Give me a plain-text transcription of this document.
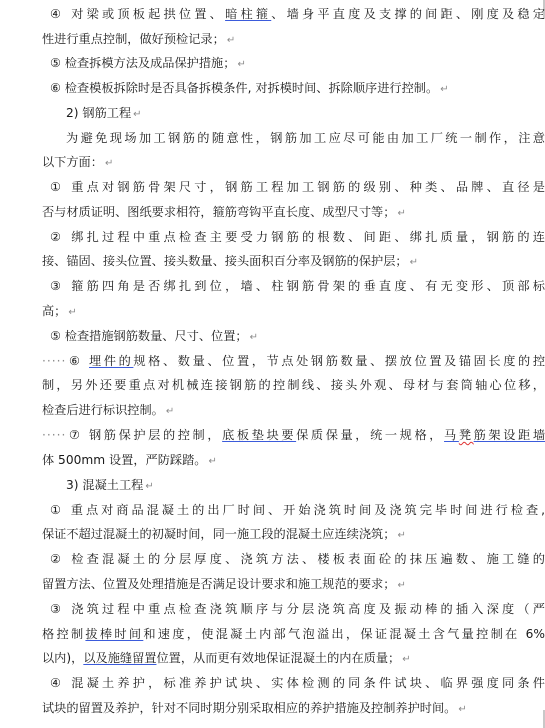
④ 对梁或顶板起拱位置、暗柱箍、墙身平直度及支撑的间距、刚度及稳定
性进行重点控制，做好预检记录； ↵
⑤ 检查拆模方法及成品保护措施； ↵
⑥ 检查模板拆除时是否具备拆模条件, 对拆模时间、拆除顺序进行控制。 ↵
2) 钢筋工程 ↵
为避免现场加工钢筋的随意性，钢筋加工应尽可能由加工厂统一制作，注意
以下方面： ↵
① 重点对钢筋骨架尺寸，钢筋工程加工钢筋的级别、种类、品牌、直径是
否与材质证明、图纸要求相符，箍筋弯钩平直长度、成型尺寸等； ↵
② 绑扎过程中重点检查主要受力钢筋的根数、间距、绑扎质量，钢筋的连
接、锚固、接头位置、接头数量、接头面积百分率及钢筋的保护层； ↵
③ 箍筋四角是否绑扎到位，墙、柱钢筋骨架的垂直度、有无变形、顶部标
高； ↵
⑤ 检查措施钢筋数量、尺寸、位置； ↵
·····⑥ 埋件的规格、数量、位置，节点处钢筋数量、摆放位置及锚固长度的控
制，另外还要重点对机械连接钢筋的控制线、接头外观、母材与套筒轴心位移，
检查后进行标识控制。 ↵
·····⑦ 钢筋保护层的控制，底板垫块要保质保量，统一规格，马凳筋架设距墙
体 500mm 设置，严防踩踏。 ↵
3) 混凝土工程 ↵
① 重点对商品混凝土的出厂时间、开始浇筑时间及浇筑完毕时间进行检查,
保证不超过混凝土的初凝时间，同一施工段的混凝土应连续浇筑； ↵
② 检查混凝土的分层厚度、浇筑方法、楼板表面砼的抹压遍数、施工缝的
留置方法、位置及处理措施是否满足设计要求和施工规范的要求； ↵
③ 浇筑过程中重点检查浇筑顺序与分层浇筑高度及振动棒的插入深度（严
格控制拔棒时间和速度，使混凝土内部气泡溢出，保证混凝土含气量控制在 6%
以内)，以及施缝留置位置，从而更有效地保证混凝土的内在质量； ↵
④ 混凝土养护，标准养护试块、实体检测的同条件试块、临界强度同条件
试块的留置及养护，针对不同时期分别采取相应的养护措施及控制养护时间。 ↵
